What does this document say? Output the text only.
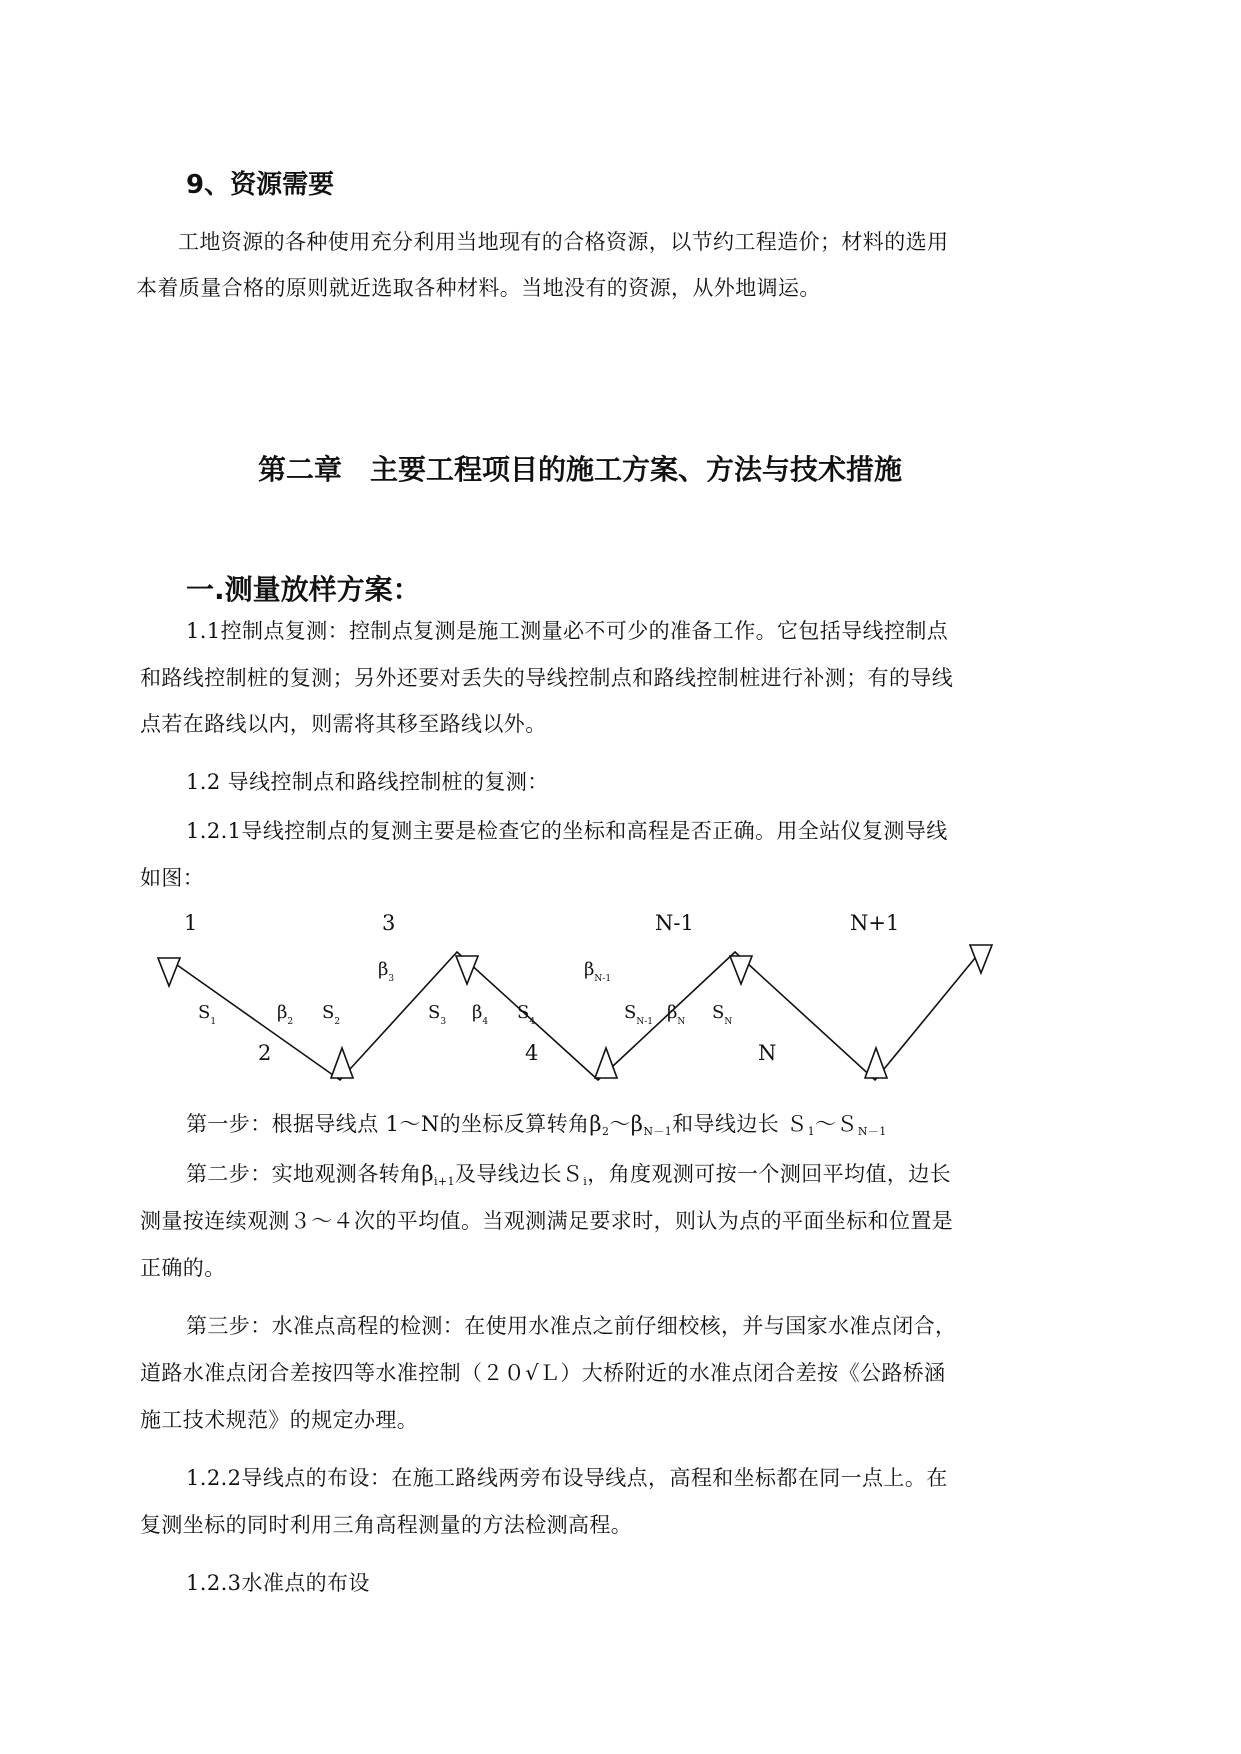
9、资源需要
工地资源的各种使用充分利用当地现有的合格资源，以节约工程造价；材料的选用
本着质量合格的原则就近选取各种材料。当地没有的资源，从外地调运。
第二章　主要工程项目的施工方案、方法与技术措施
一.测量放样方案：
1.1控制点复测：控制点复测是施工测量必不可少的准备工作。它包括导线控制点
和路线控制桩的复测；另外还要对丢失的导线控制点和路线控制桩进行补测；有的导线
点若在路线以内，则需将其移至路线以外。
1.2 导线控制点和路线控制桩的复测：
1.2.1导线控制点的复测主要是检查它的坐标和高程是否正确。用全站仪复测导线
如图：
1	3	N-1	N+1
2	4	N
$\beta_3$	$\beta_{N-1}$
$\beta_2$	$\beta_4$	$\beta_N$
$S_1$	$S_2$	$S_3$	$S_4$	$S_{N-1}$	$S_N$
第一步：根据导线点 1～N的坐标反算转角$\beta_2\sim\beta_{N-1}$和导线边长 Ｓ$_1$～Ｓ$_{N-1}$
第二步：实地观测各转角$\beta_{i+1}$及导线边长Ｓ$_i$，角度观测可按一个测回平均值，边长
测量按连续观测３～４次的平均值。当观测满足要求时，则认为点的平面坐标和位置是
正确的。
第三步：水准点高程的检测：在使用水准点之前仔细校核，并与国家水准点闭合，
道路水准点闭合差按四等水准控制（２０√Ｌ）大桥附近的水准点闭合差按《公路桥涵
施工技术规范》的规定办理。
1.2.2导线点的布设：在施工路线两旁布设导线点，高程和坐标都在同一点上。在
复测坐标的同时利用三角高程测量的方法检测高程。
1.2.3水准点的布设
